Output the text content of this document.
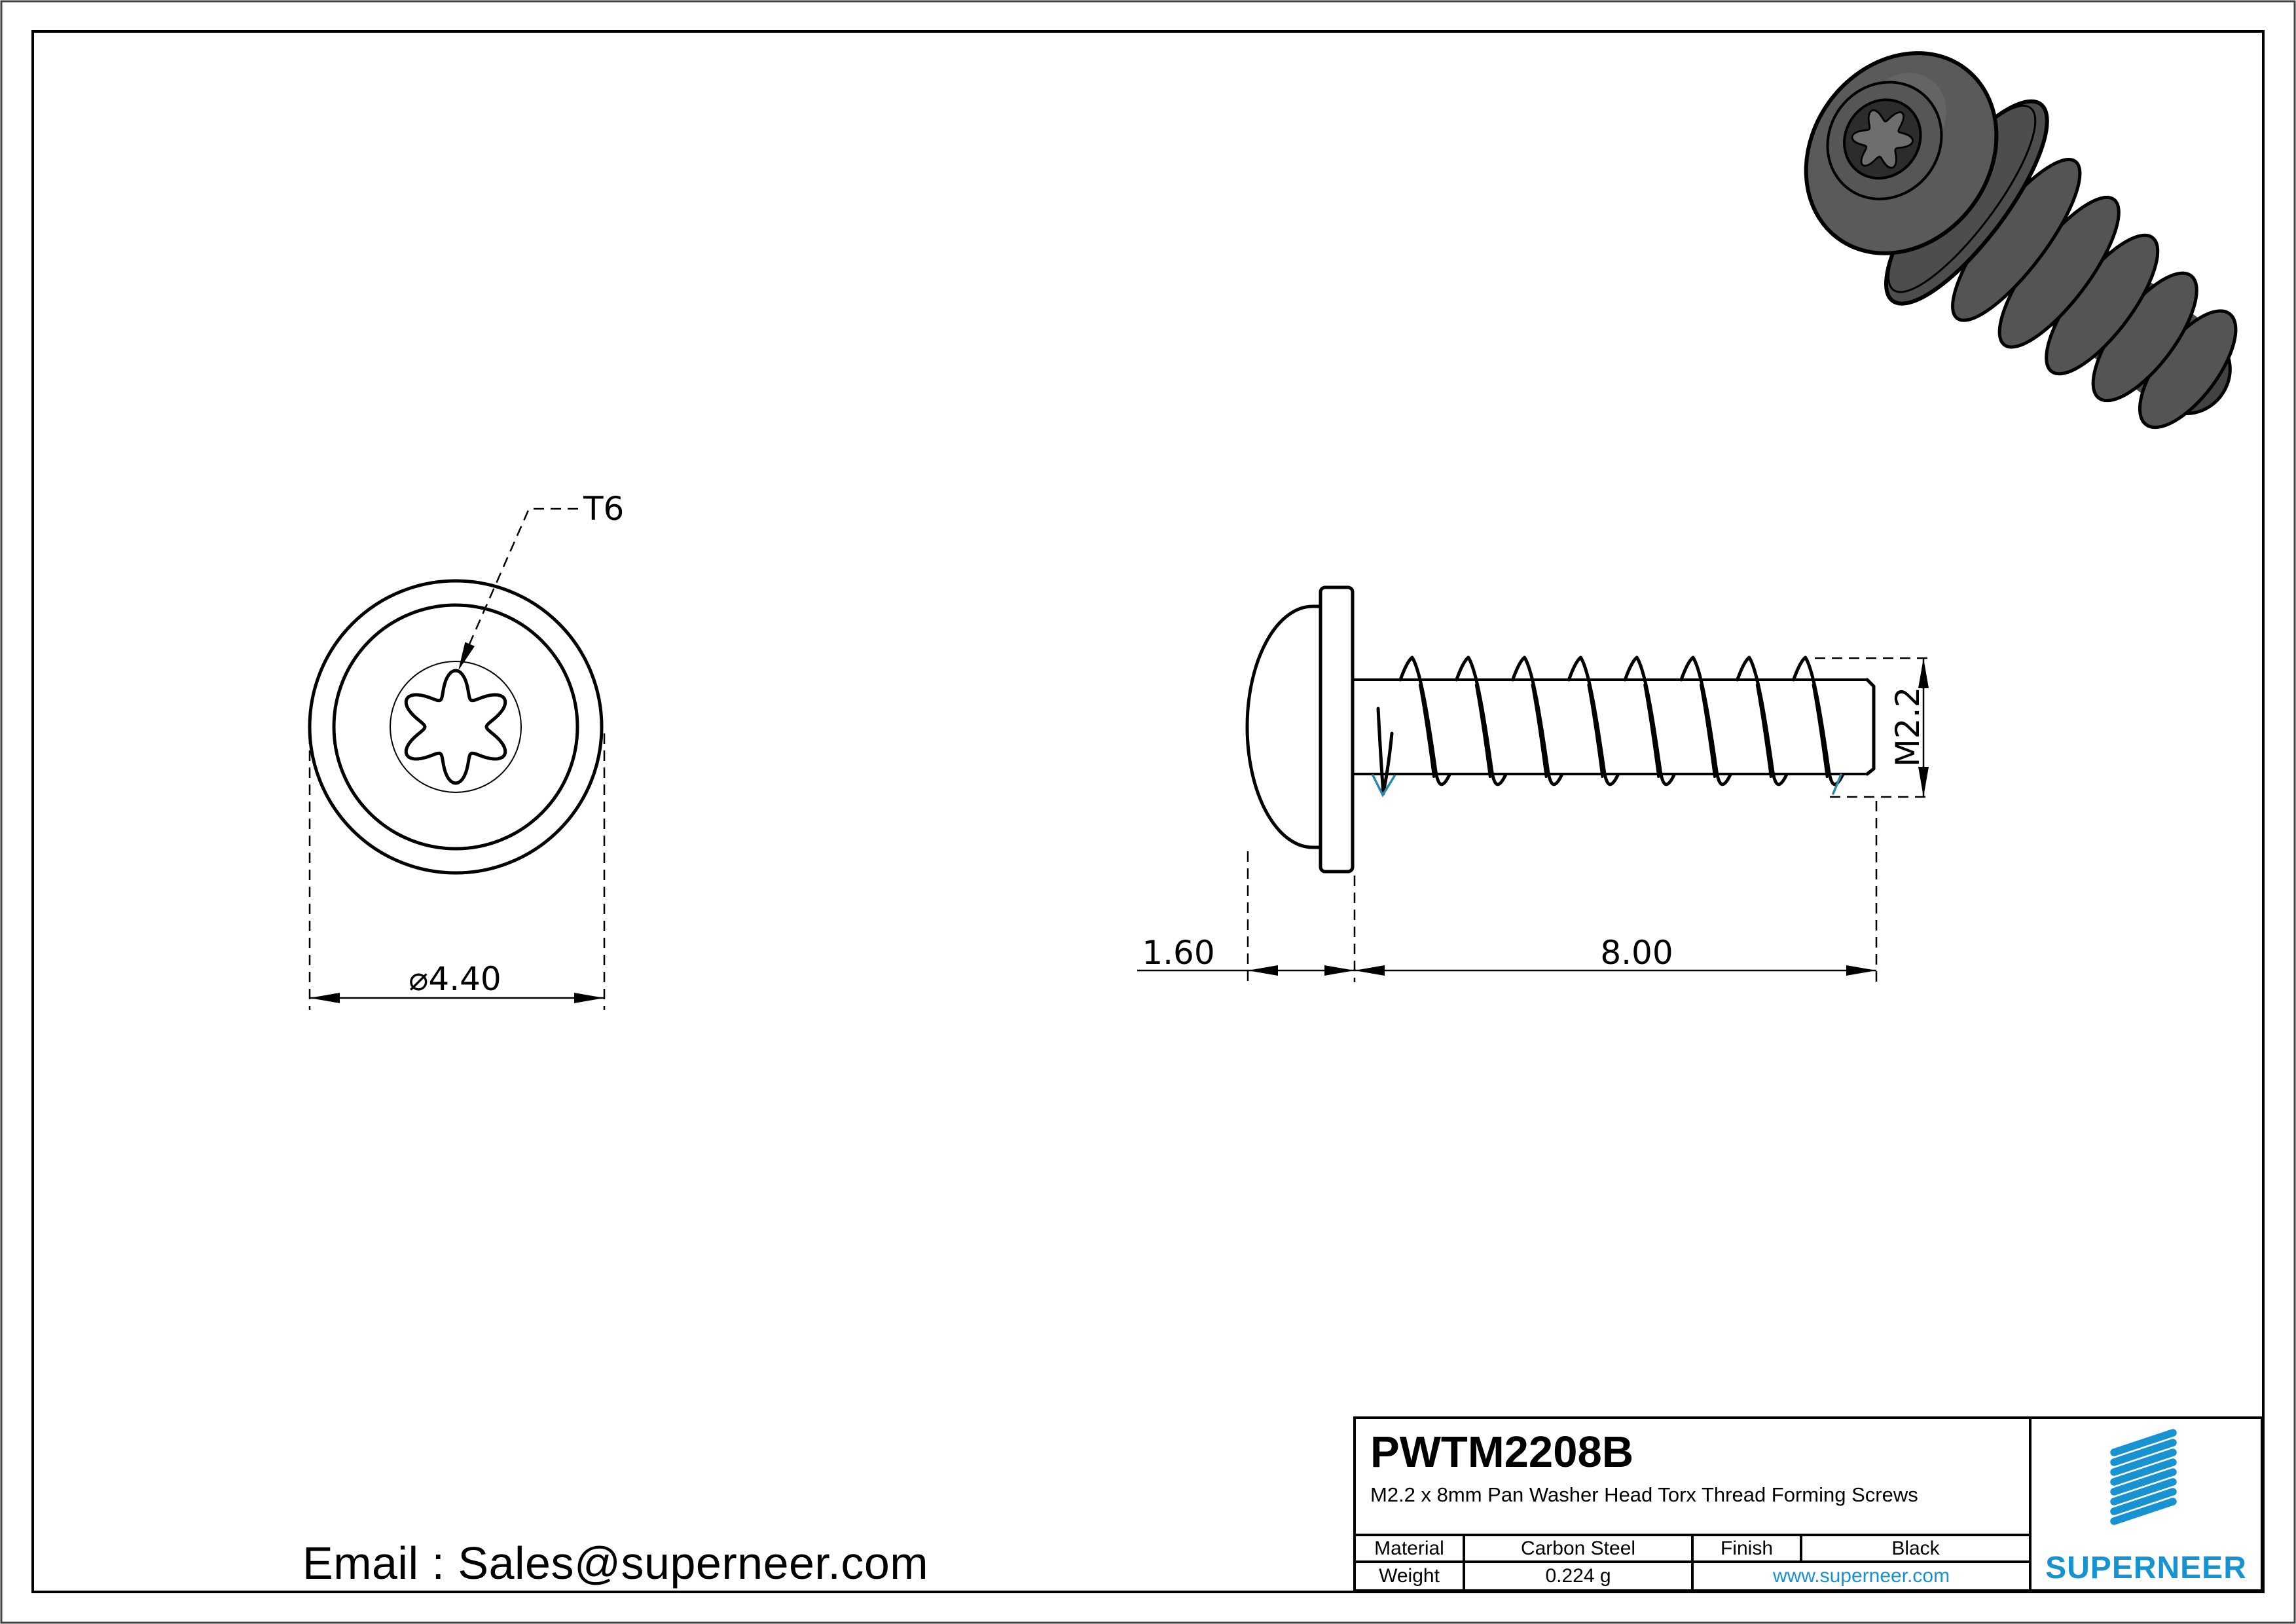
T6
⌀4.40
M2.2
1.60	8.00
PWTM2208B
M2.2 x 8mm Pan Washer Head Torx Thread Forming Screws
Material	Carbon Steel	Finish	Black
Weight	0.224 g	www.superneer.com	SUPERNEER
Email : Sales@superneer.com
